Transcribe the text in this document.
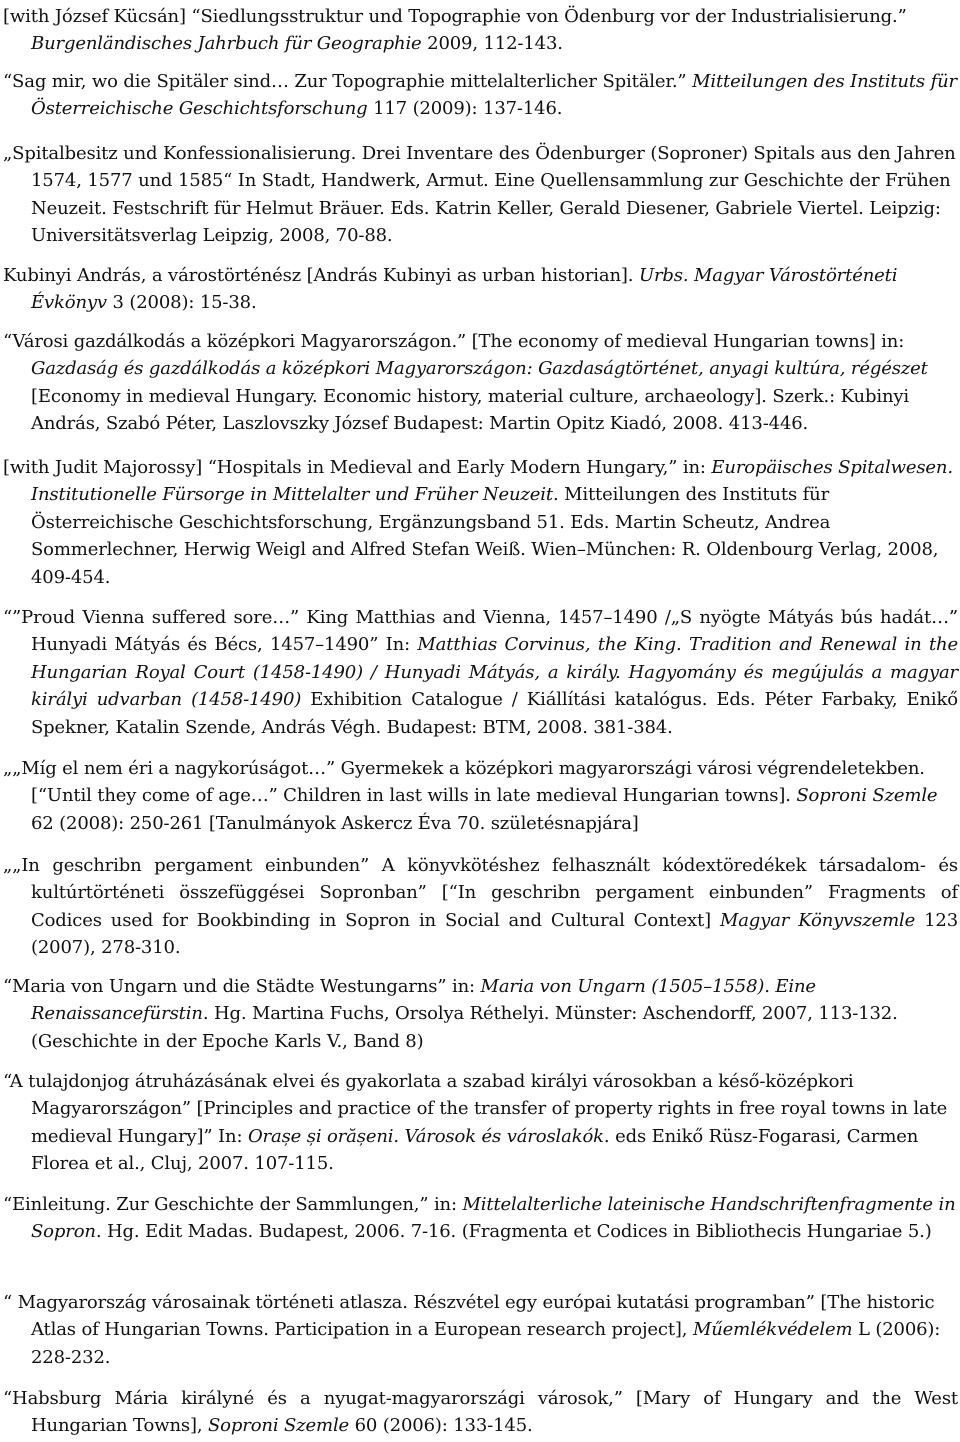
[with József Kücsán] “Siedlungsstruktur und Topographie von Ödenburg vor der Industrialisierung.” Burgenländisches Jahrbuch für Geographie 2009, 112-143.

“Sag mir, wo die Spitäler sind… Zur Topographie mittelalterlicher Spitäler.” Mitteilungen des Instituts für Österreichische Geschichtsforschung 117 (2009): 137-146.

„Spitalbesitz und Konfessionalisierung. Drei Inventare des Ödenburger (Soproner) Spitals aus den Jahren 1574, 1577 und 1585“ In Stadt, Handwerk, Armut. Eine Quellensammlung zur Geschichte der Frühen Neuzeit. Festschrift für Helmut Bräuer. Eds. Katrin Keller, Gerald Diesener, Gabriele Viertel. Leipzig: Universitätsverlag Leipzig, 2008, 70-88.

Kubinyi András, a várostörténész [András Kubinyi as urban historian]. Urbs. Magyar Várostörténeti Évkönyv 3 (2008): 15-38.

“Városi gazdálkodás a középkori Magyarországon.” [The economy of medieval Hungarian towns] in: Gazdaság és gazdálkodás a középkori Magyarországon: Gazdaságtörténet, anyagi kultúra, régészet [Economy in medieval Hungary. Economic history, material culture, archaeology]. Szerk.: Kubinyi András, Szabó Péter, Laszlovszky József Budapest: Martin Opitz Kiadó, 2008. 413-446.

[with Judit Majorossy] “Hospitals in Medieval and Early Modern Hungary,” in: Europäisches Spitalwesen. Institutionelle Fürsorge in Mittelalter und Früher Neuzeit. Mitteilungen des Instituts für Österreichische Geschichtsforschung, Ergänzungsband 51. Eds. Martin Scheutz, Andrea Sommerlechner, Herwig Weigl and Alfred Stefan Weiß. Wien–München: R. Oldenbourg Verlag, 2008, 409-454.

“”Proud Vienna suffered sore…” King Matthias and Vienna, 1457–1490 /„S nyögte Mátyás bús hadát…” Hunyadi Mátyás és Bécs, 1457–1490” In: Matthias Corvinus, the King. Tradition and Renewal in the Hungarian Royal Court (1458-1490) / Hunyadi Mátyás, a király. Hagyomány és megújulás a magyar királyi udvarban (1458-1490) Exhibition Catalogue / Kiállítási katalógus. Eds. Péter Farbaky, Enikő Spekner, Katalin Szende, András Végh. Budapest: BTM, 2008. 381-384.

„„Míg el nem éri a nagykorúságot…” Gyermekek a középkori magyarországi városi végrendeletekben. [“Until they come of age…” Children in last wills in late medieval Hungarian towns]. Soproni Szemle 62 (2008): 250-261 [Tanulmányok Askercz Éva 70. születésnapjára]

„„In geschribn pergament einbunden” A könyvkötéshez felhasznált kódextöredékek társadalom- és kultúrtörténeti összefüggései Sopronban” [“In geschribn pergament einbunden” Fragments of Codices used for Bookbinding in Sopron in Social and Cultural Context] Magyar Könyvszemle 123 (2007), 278-310.

“Maria von Ungarn und die Städte Westungarns” in: Maria von Ungarn (1505–1558). Eine Renaissancefürstin. Hg. Martina Fuchs, Orsolya Réthelyi. Münster: Aschendorff, 2007, 113-132. (Geschichte in der Epoche Karls V., Band 8)

“A tulajdonjog átruházásának elvei és gyakorlata a szabad királyi városokban a késő-középkori Magyarországon” [Principles and practice of the transfer of property rights in free royal towns in late medieval Hungary]” In: Orașe și orășeni. Városok és városlakók. eds Enikő Rüsz-Fogarasi, Carmen Florea et al., Cluj, 2007. 107-115.

“Einleitung. Zur Geschichte der Sammlungen,” in: Mittelalterliche lateinische Handschriftenfragmente in Sopron. Hg. Edit Madas. Budapest, 2006. 7-16. (Fragmenta et Codices in Bibliothecis Hungariae 5.)

“ Magyarország városainak történeti atlasza. Részvétel egy európai kutatási programban” [The historic Atlas of Hungarian Towns. Participation in a European research project], Műemlékvédelem L (2006): 228-232.

“Habsburg Mária királyné és a nyugat-magyarországi városok,” [Mary of Hungary and the West Hungarian Towns], Soproni Szemle 60 (2006): 133-145.
